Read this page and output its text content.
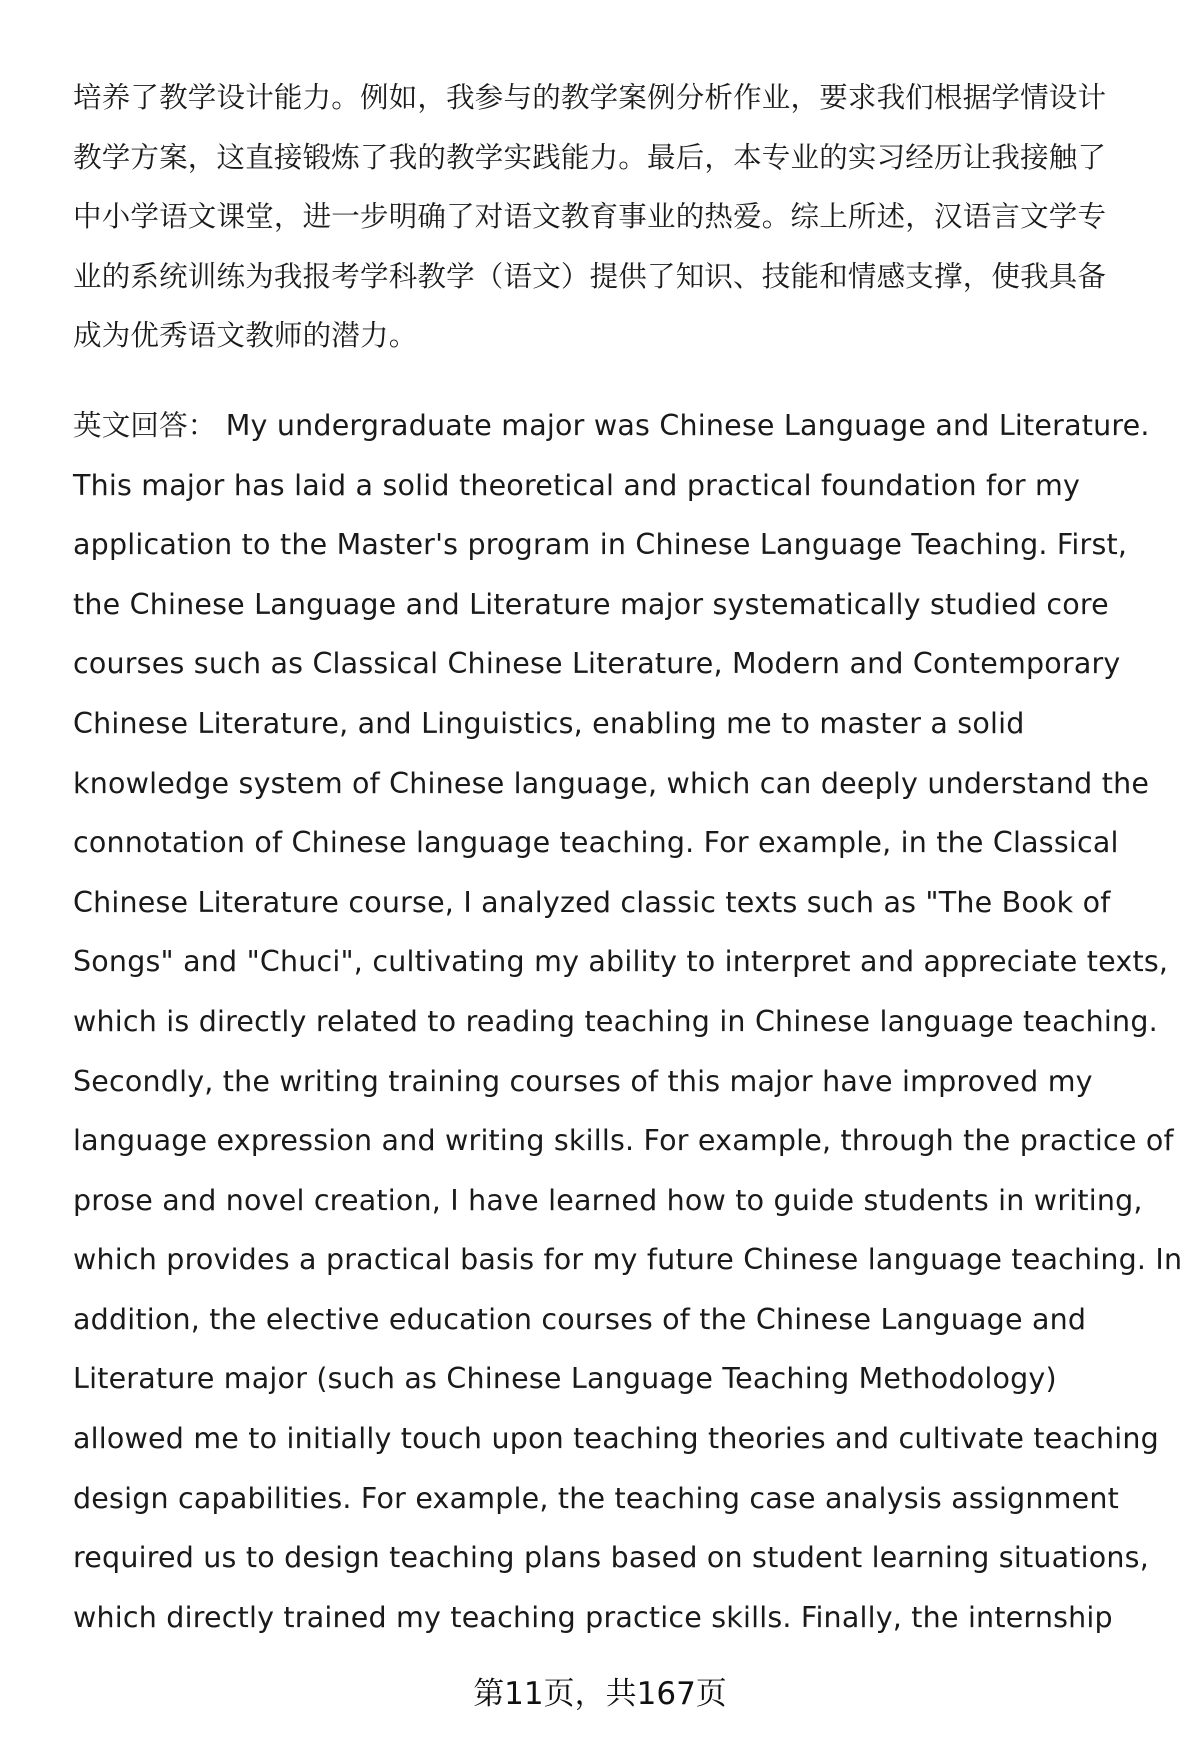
培养了教学设计能力。例如，我参与的教学案例分析作业，要求我们根据学情设计
教学方案，这直接锻炼了我的教学实践能力。最后，本专业的实习经历让我接触了
中小学语文课堂，进一步明确了对语文教育事业的热爱。综上所述，汉语言文学专
业的系统训练为我报考学科教学（语文）提供了知识、技能和情感支撑，使我具备
成为优秀语文教师的潜力。
英文回答： My undergraduate major was Chinese Language and Literature.
This major has laid a solid theoretical and practical foundation for my
application to the Master's program in Chinese Language Teaching. First,
the Chinese Language and Literature major systematically studied core
courses such as Classical Chinese Literature, Modern and Contemporary
Chinese Literature, and Linguistics, enabling me to master a solid
knowledge system of Chinese language, which can deeply understand the
connotation of Chinese language teaching. For example, in the Classical
Chinese Literature course, I analyzed classic texts such as "The Book of
Songs" and "Chuci", cultivating my ability to interpret and appreciate texts,
which is directly related to reading teaching in Chinese language teaching.
Secondly, the writing training courses of this major have improved my
language expression and writing skills. For example, through the practice of
prose and novel creation, I have learned how to guide students in writing,
which provides a practical basis for my future Chinese language teaching. In
addition, the elective education courses of the Chinese Language and
Literature major (such as Chinese Language Teaching Methodology)
allowed me to initially touch upon teaching theories and cultivate teaching
design capabilities. For example, the teaching case analysis assignment
required us to design teaching plans based on student learning situations,
which directly trained my teaching practice skills. Finally, the internship
第11页，共167页
